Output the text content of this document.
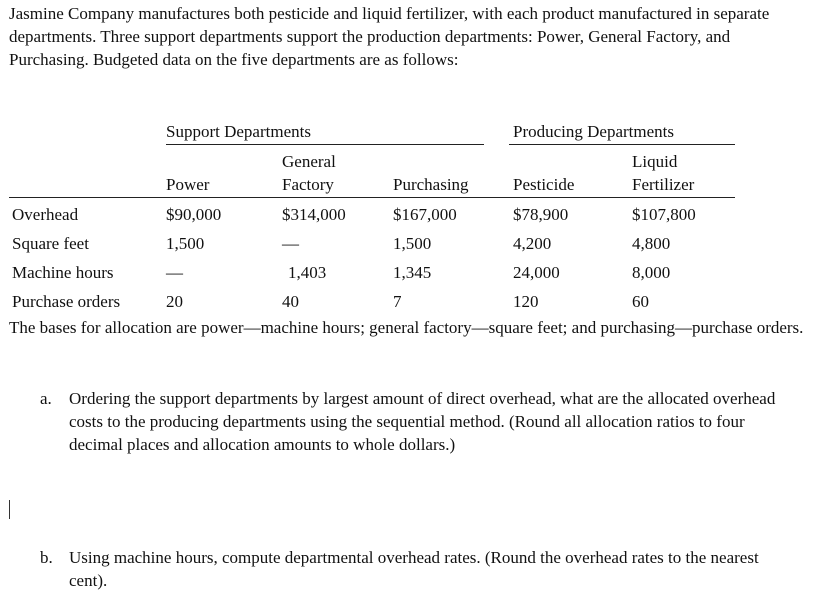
Jasmine Company manufactures both pesticide and liquid fertilizer, with each product manufactured in separate departments. Three support departments support the production departments: Power, General Factory, and Purchasing. Budgeted data on the five departments are as follows:

Support Departments	Producing Departments
General	Liquid
Power	Factory	Purchasing	Pesticide	Fertilizer
Overhead	$90,000	$314,000	$167,000	$78,900	$107,800
Square feet	1,500	—	1,500	4,200	4,800
Machine hours	—	1,403	1,345	24,000	8,000
Purchase orders	20	40	7	120	60

The bases for allocation are power—machine hours; general factory—square feet; and purchasing—purchase orders.

a. Ordering the support departments by largest amount of direct overhead, what are the allocated overhead costs to the producing departments using the sequential method. (Round all allocation ratios to four decimal places and allocation amounts to whole dollars.)

b. Using machine hours, compute departmental overhead rates. (Round the overhead rates to the nearest cent).
